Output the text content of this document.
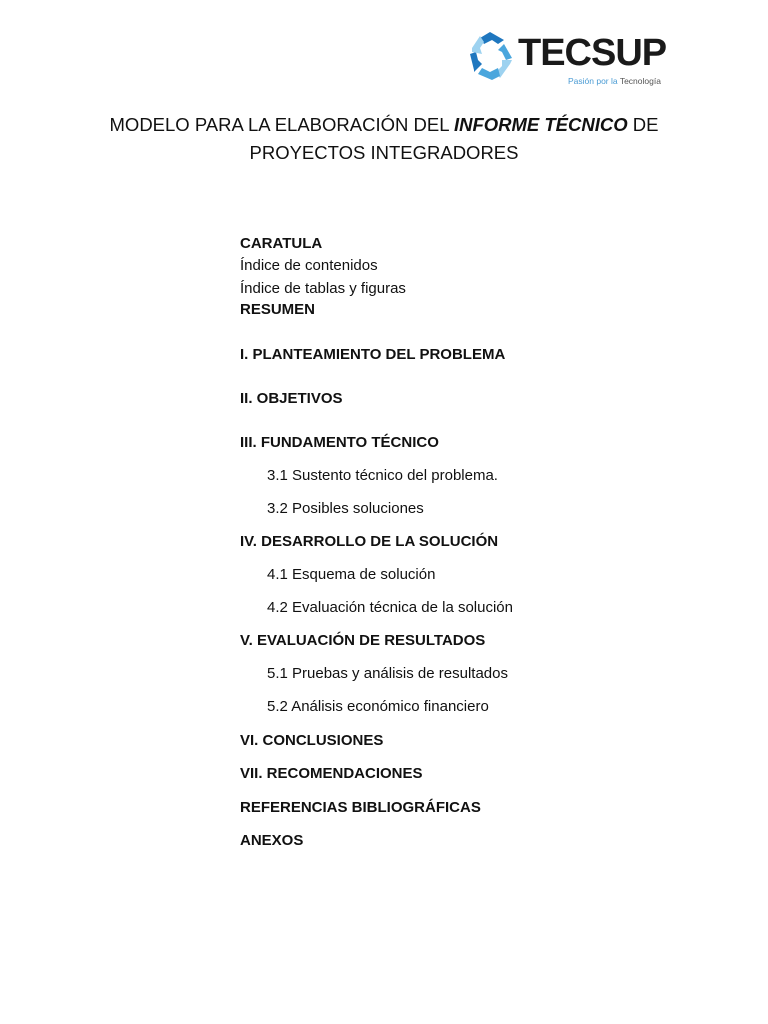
TECSUP
Pasión por la Tecnología
MODELO PARA LA ELABORACIÓN DEL INFORME TÉCNICO DE
PROYECTOS INTEGRADORES
CARATULA
Índice de contenidos
Índice de tablas y figuras
RESUMEN
I. PLANTEAMIENTO DEL PROBLEMA
II. OBJETIVOS
III. FUNDAMENTO TÉCNICO
3.1 Sustento técnico del problema.
3.2 Posibles soluciones
IV. DESARROLLO DE LA SOLUCIÓN
4.1 Esquema de solución
4.2 Evaluación técnica de la solución
V. EVALUACIÓN DE RESULTADOS
5.1 Pruebas y análisis de resultados
5.2 Análisis económico financiero
VI. CONCLUSIONES
VII. RECOMENDACIONES
REFERENCIAS BIBLIOGRÁFICAS
ANEXOS
